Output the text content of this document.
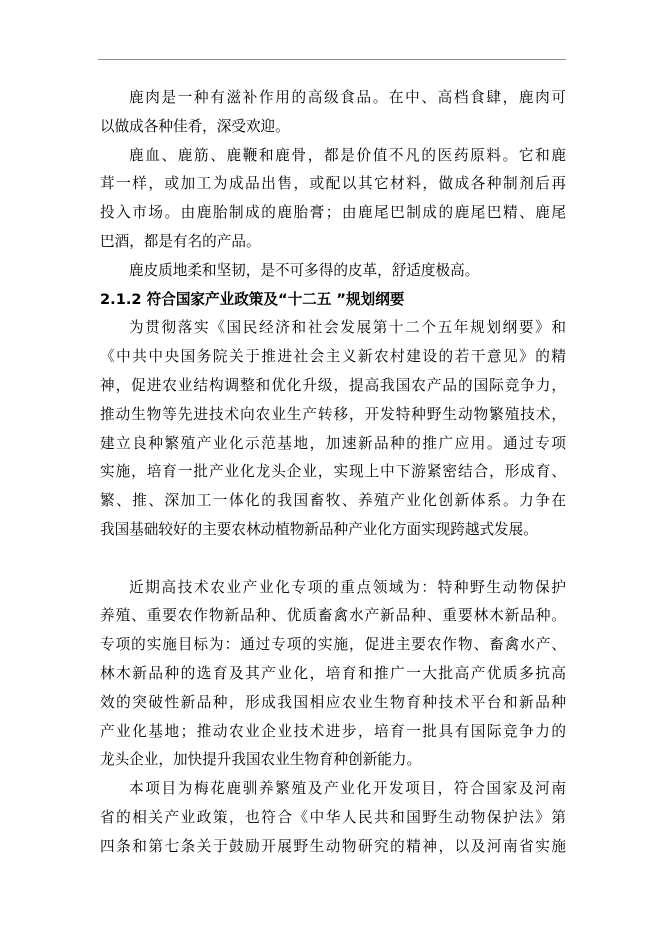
鹿肉是一种有滋补作用的高级食品。在中、高档食肆，鹿肉可
以做成各种佳肴，深受欢迎。
鹿血、鹿筋、鹿鞭和鹿骨，都是价值不凡的医药原料。它和鹿
茸一样，或加工为成品出售，或配以其它材料，做成各种制剂后再
投入市场。由鹿胎制成的鹿胎膏；由鹿尾巴制成的鹿尾巴精、鹿尾
巴酒，都是有名的产品。
鹿皮质地柔和坚韧，是不可多得的皮革，舒适度极高。
2.1.2 符合国家产业政策及“十二五 ”规划纲要
为贯彻落实《国民经济和社会发展第十二个五年规划纲要》和
《中共中央国务院关于推进社会主义新农村建设的若干意见》的精
神，促进农业结构调整和优化升级，提高我国农产品的国际竞争力，
推动生物等先进技术向农业生产转移，开发特种野生动物繁殖技术，
建立良种繁殖产业化示范基地，加速新品种的推广应用。通过专项
实施，培育一批产业化龙头企业，实现上中下游紧密结合，形成育、
繁、推、深加工一体化的我国畜牧、养殖产业化创新体系。力争在
我国基础较好的主要农林动植物新品种产业化方面实现跨越式发展。
近期高技术农业产业化专项的重点领域为：特种野生动物保护
养殖、重要农作物新品种、优质畜禽水产新品种、重要林木新品种。
专项的实施目标为：通过专项的实施，促进主要农作物、畜禽水产、
林木新品种的选育及其产业化，培育和推广一大批高产优质多抗高
效的突破性新品种，形成我国相应农业生物育种技术平台和新品种
产业化基地；推动农业企业技术进步，培育一批具有国际竞争力的
龙头企业，加快提升我国农业生物育种创新能力。
本项目为梅花鹿驯养繁殖及产业化开发项目，符合国家及河南
省的相关产业政策，也符合《中华人民共和国野生动物保护法》第
四条和第七条关于鼓励开展野生动物研究的精神，以及河南省实施
